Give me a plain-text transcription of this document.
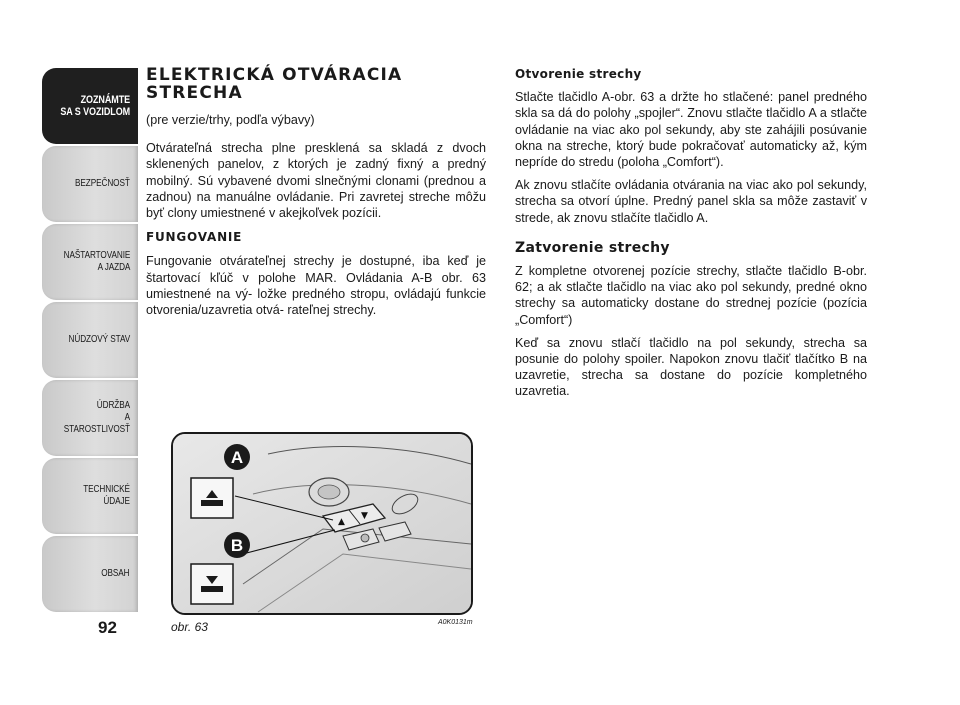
ZOZNÁMTE
SA S VOZIDLOM
BEZPEČNOSŤ
NAŠTARTOVANIE
A JAZDA
NÚDZOVÝ STAV
ÚDRŽBA
A STAROSTLIVOSŤ
TECHNICKÉ
ÚDAJE
OBSAH
92
ELEKTRICKÁ OTVÁRACIA STRECHA

(pre verzie/trhy, podľa výbavy)

Otvárateľná strecha plne presklená sa skladá z dvoch sklenených panelov, z ktorých je zadný fixný a predný mobilný. Sú vybavené dvomi slnečnými clonami (prednou a zadnou) na manuálne ovládanie. Pri zavretej streche môžu byť clony umiestnené v akejkoľvek pozícii.

FUNGOVANIE

Fungovanie otvárateľnej strechy je dostupné, iba keď je štartovací kľúč v polohe MAR. Ovládania A-B obr. 63 umiestnené na vý- ložke predného stropu, ovládajú funkcie otvorenia/uzavretia otvá- rateľnej strechy.

Otvorenie strechy

Stlačte tlačidlo A-obr. 63 a držte ho stlačené: panel predného skla sa dá do polohy „spojler“. Znovu stlačte tlačidlo A a stlačte ovládanie na viac ako pol sekundy, aby ste zahájili posúvanie okna na streche, ktorý bude pokračovať automaticky až, kým nepríde do stredu (poloha „Comfort“).

Ak znovu stlačíte ovládania otvárania na viac ako pol sekundy, strecha sa otvorí úplne. Predný panel skla sa môže zastaviť v strede, ak znovu stlačíte tlačidlo A.

Zatvorenie strechy

Z kompletne otvorenej pozície strechy, stlačte tlačidlo B-obr. 62; a ak stlačte tlačidlo na viac ako pol sekundy, predné okno strechy sa automaticky dostane do strednej pozície (pozícia „Comfort“)

Keď sa znovu stlačí tlačidlo na pol sekundy, strecha sa posunie do polohy spoiler. Napokon znovu tlačiť tlačítko B na uzavretie, strecha sa dostane do pozície kompletného uzavretia.

▲
▼
A
B
obr. 63	A0K0131m
